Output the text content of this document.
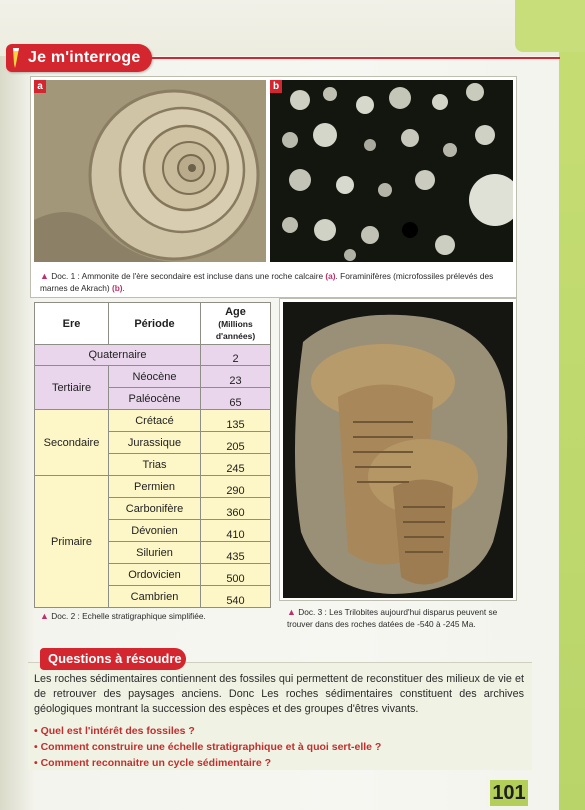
Je m'interroge
a	b
▲ Doc. 1 : Ammonite de l'ère secondaire est incluse dans une roche calcaire (a). Foraminifères (microfossiles prélevés des marnes de Akrach) (b).
Ere	Période	Age
(Millions d'années)

Quaternaire		2
Tertiaire	Néocène	23
	Paléocène	65
Secondaire	Crétacé	135
	Jurassique	205
	Trias	245
Primaire	Permien	290
	Carbonifère	360
	Dévonien	410
	Silurien	435
	Ordovicien	500
	Cambrien	540
▲ Doc. 2 : Echelle stratigraphique simplifiée.	▲ Doc. 3 : Les Trilobites aujourd'hui disparus peuvent se trouver dans des roches datées de -540 à -245 Ma.
Questions à résoudre

Les roches sédimentaires contiennent des fossiles qui permettent de reconstituer des milieux de vie et de retrouver des paysages anciens. Donc Les roches sédimentaires constituent des archives géologiques montrant la succession des espèces et des groupes d'êtres vivants.

• Quel est l'intérêt des fossiles ?
• Comment construire une échelle stratigraphique et à quoi sert-elle ?
• Comment reconnaitre un cycle sédimentaire ?
101
